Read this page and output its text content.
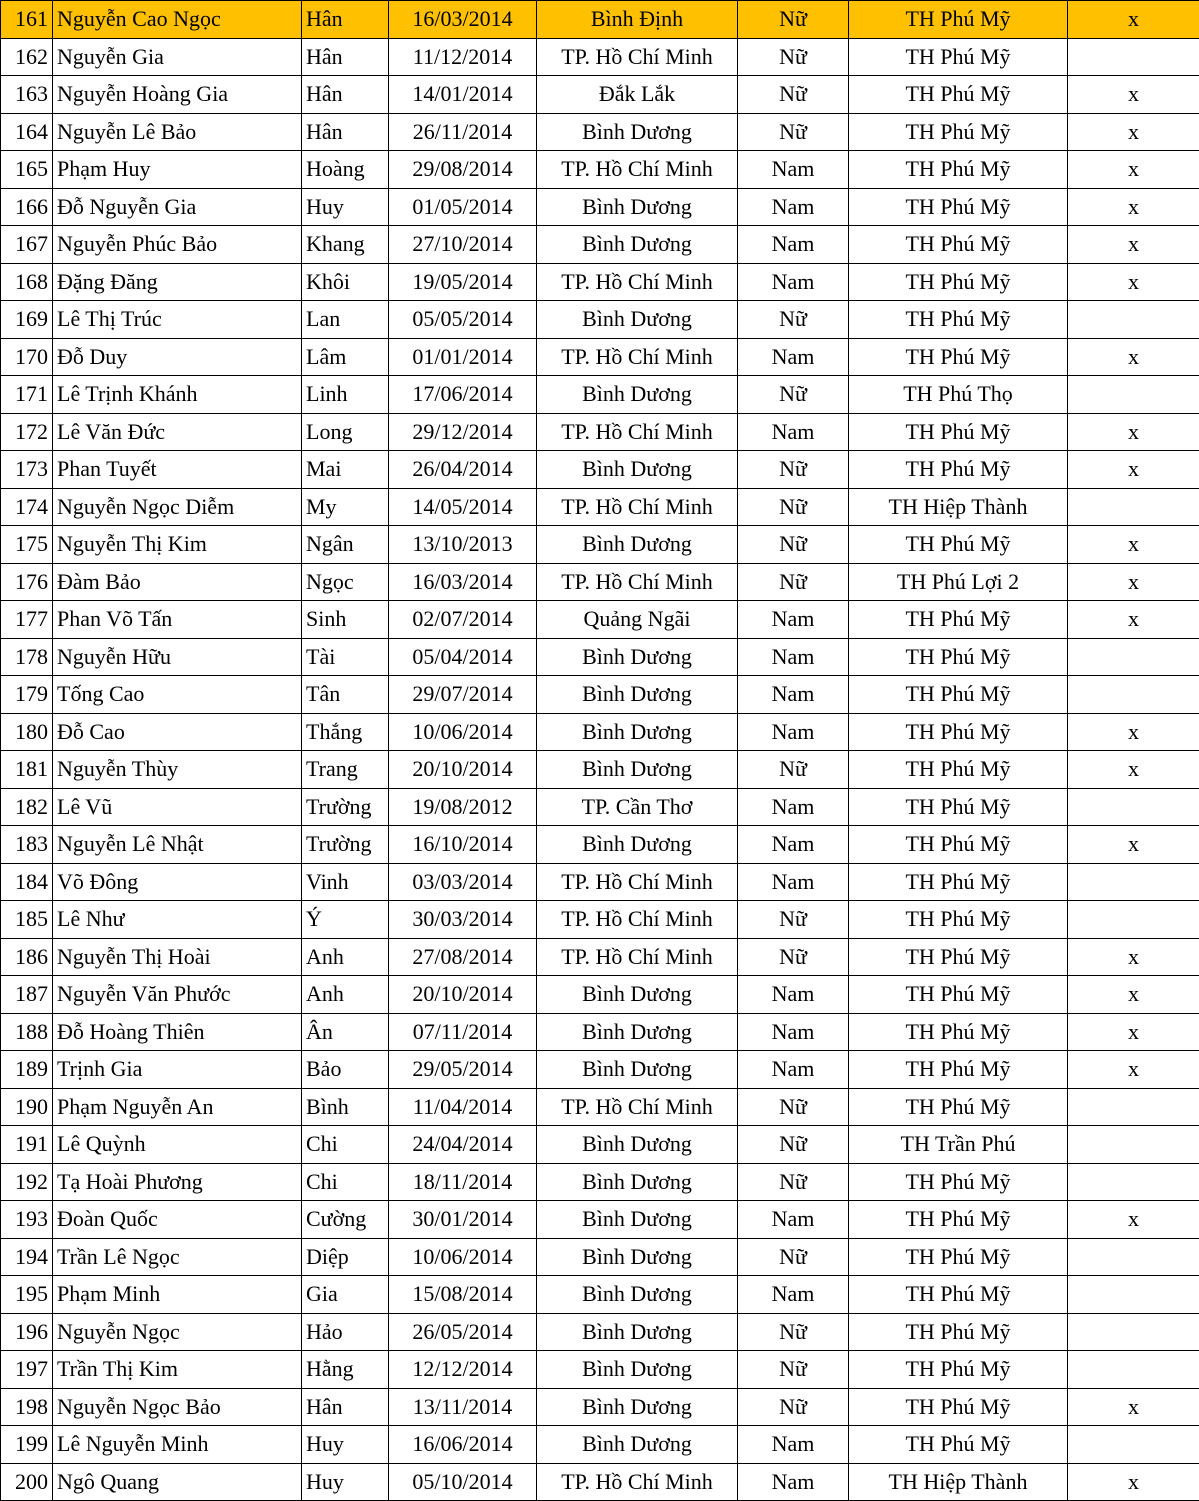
161	Nguyễn Cao Ngọc	Hân	16/03/2014	Bình Định	Nữ	TH Phú Mỹ	x
162	Nguyễn Gia	Hân	11/12/2014	TP. Hồ Chí Minh	Nữ	TH Phú Mỹ	
163	Nguyễn Hoàng Gia	Hân	14/01/2014	Đắk Lắk	Nữ	TH Phú Mỹ	x
164	Nguyễn Lê Bảo	Hân	26/11/2014	Bình Dương	Nữ	TH Phú Mỹ	x
165	Phạm Huy	Hoàng	29/08/2014	TP. Hồ Chí Minh	Nam	TH Phú Mỹ	x
166	Đỗ Nguyễn Gia	Huy	01/05/2014	Bình Dương	Nam	TH Phú Mỹ	x
167	Nguyễn Phúc Bảo	Khang	27/10/2014	Bình Dương	Nam	TH Phú Mỹ	x
168	Đặng Đăng	Khôi	19/05/2014	TP. Hồ Chí Minh	Nam	TH Phú Mỹ	x
169	Lê Thị Trúc	Lan	05/05/2014	Bình Dương	Nữ	TH Phú Mỹ	
170	Đỗ Duy	Lâm	01/01/2014	TP. Hồ Chí Minh	Nam	TH Phú Mỹ	x
171	Lê Trịnh Khánh	Linh	17/06/2014	Bình Dương	Nữ	TH Phú Thọ	
172	Lê Văn Đức	Long	29/12/2014	TP. Hồ Chí Minh	Nam	TH Phú Mỹ	x
173	Phan Tuyết	Mai	26/04/2014	Bình Dương	Nữ	TH Phú Mỹ	x
174	Nguyễn Ngọc Diễm	My	14/05/2014	TP. Hồ Chí Minh	Nữ	TH Hiệp Thành	
175	Nguyễn Thị Kim	Ngân	13/10/2013	Bình Dương	Nữ	TH Phú Mỹ	x
176	Đàm Bảo	Ngọc	16/03/2014	TP. Hồ Chí Minh	Nữ	TH Phú Lợi 2	x
177	Phan Võ Tấn	Sinh	02/07/2014	Quảng Ngãi	Nam	TH Phú Mỹ	x
178	Nguyễn Hữu	Tài	05/04/2014	Bình Dương	Nam	TH Phú Mỹ	
179	Tống Cao	Tân	29/07/2014	Bình Dương	Nam	TH Phú Mỹ	
180	Đỗ Cao	Thắng	10/06/2014	Bình Dương	Nam	TH Phú Mỹ	x
181	Nguyễn Thùy	Trang	20/10/2014	Bình Dương	Nữ	TH Phú Mỹ	x
182	Lê Vũ	Trường	19/08/2012	TP. Cần Thơ	Nam	TH Phú Mỹ	
183	Nguyễn Lê Nhật	Trường	16/10/2014	Bình Dương	Nam	TH Phú Mỹ	x
184	Võ Đông	Vinh	03/03/2014	TP. Hồ Chí Minh	Nam	TH Phú Mỹ	
185	Lê Như	Ý	30/03/2014	TP. Hồ Chí Minh	Nữ	TH Phú Mỹ	
186	Nguyễn Thị Hoài	Anh	27/08/2014	TP. Hồ Chí Minh	Nữ	TH Phú Mỹ	x
187	Nguyễn Văn Phước	Anh	20/10/2014	Bình Dương	Nam	TH Phú Mỹ	x
188	Đỗ Hoàng Thiên	Ân	07/11/2014	Bình Dương	Nam	TH Phú Mỹ	x
189	Trịnh Gia	Bảo	29/05/2014	Bình Dương	Nam	TH Phú Mỹ	x
190	Phạm Nguyễn An	Bình	11/04/2014	TP. Hồ Chí Minh	Nữ	TH Phú Mỹ	
191	Lê Quỳnh	Chi	24/04/2014	Bình Dương	Nữ	TH Trần Phú	
192	Tạ Hoài Phương	Chi	18/11/2014	Bình Dương	Nữ	TH Phú Mỹ	
193	Đoàn Quốc	Cường	30/01/2014	Bình Dương	Nam	TH Phú Mỹ	x
194	Trần Lê Ngọc	Diệp	10/06/2014	Bình Dương	Nữ	TH Phú Mỹ	
195	Phạm Minh	Gia	15/08/2014	Bình Dương	Nam	TH Phú Mỹ	
196	Nguyễn Ngọc	Hảo	26/05/2014	Bình Dương	Nữ	TH Phú Mỹ	
197	Trần Thị Kim	Hằng	12/12/2014	Bình Dương	Nữ	TH Phú Mỹ	
198	Nguyễn Ngọc Bảo	Hân	13/11/2014	Bình Dương	Nữ	TH Phú Mỹ	x
199	Lê Nguyễn Minh	Huy	16/06/2014	Bình Dương	Nam	TH Phú Mỹ	
200	Ngô Quang	Huy	05/10/2014	TP. Hồ Chí Minh	Nam	TH Hiệp Thành	x
